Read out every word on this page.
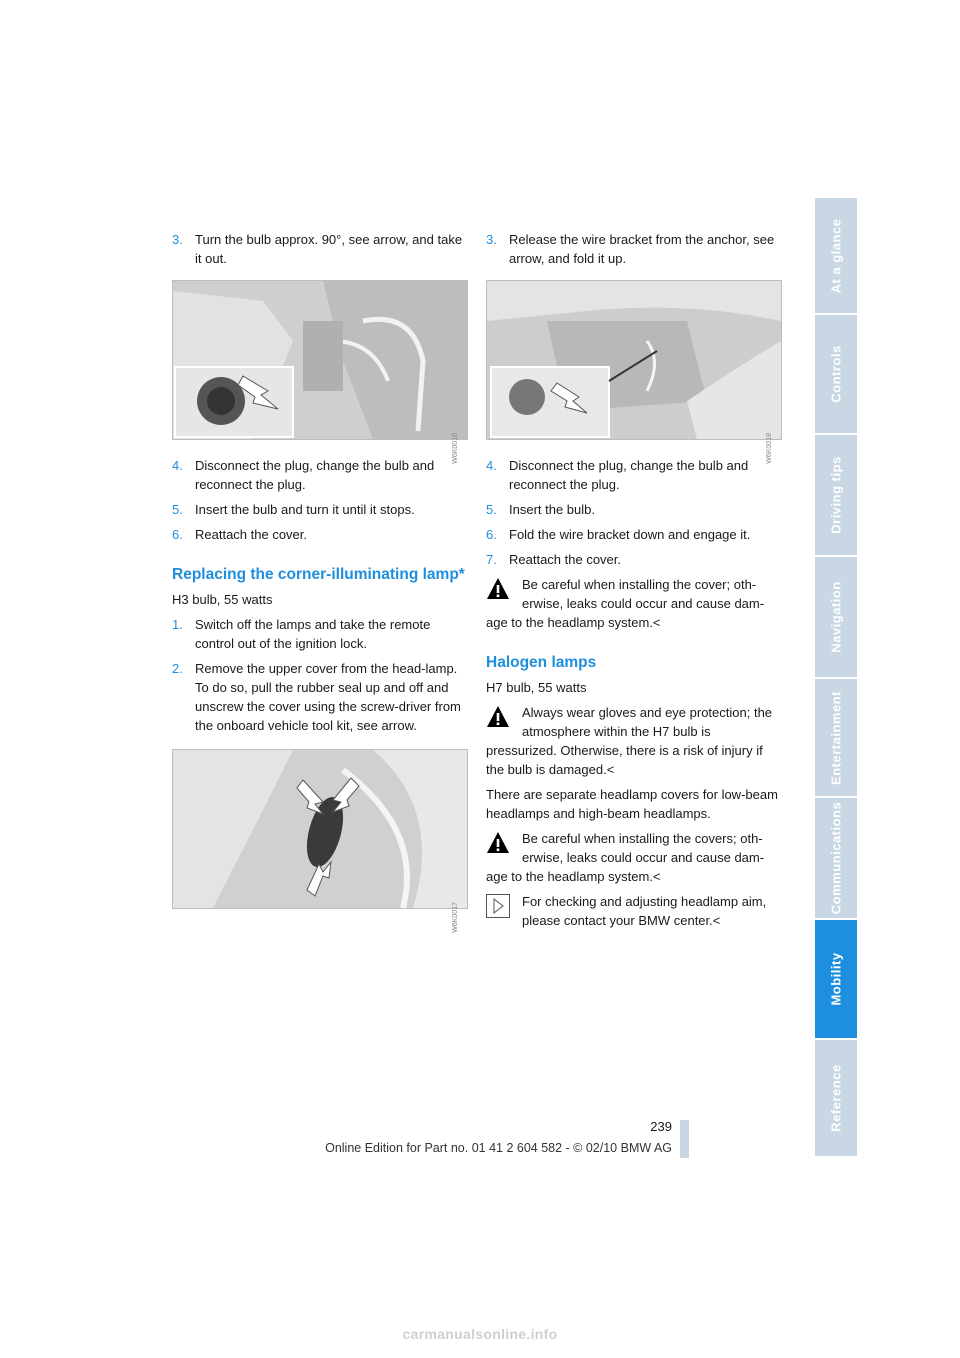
At a glance
Controls
Driving tips
Navigation
Entertainment
Communications
Mobility
Reference
3. Turn the bulb approx. 90°, see arrow, and take it out.
W6K0016
4. Disconnect the plug, change the bulb and reconnect the plug.
5. Insert the bulb and turn it until it stops.
6. Reattach the cover.
Replacing the corner-illuminating lamp*
H3 bulb, 55 watts
1. Switch off the lamps and take the remote control out of the ignition lock.
2. Remove the upper cover from the head-lamp. To do so, pull the rubber seal up and off and unscrew the cover using the screw-driver from the onboard vehicle tool kit, see arrow.
W6K0017
3. Release the wire bracket from the anchor, see arrow, and fold it up.
W6K0018
4. Disconnect the plug, change the bulb and reconnect the plug.
5. Insert the bulb.
6. Fold the wire bracket down and engage it.
7. Reattach the cover.
Be careful when installing the cover; oth-erwise, leaks could occur and cause dam-age to the headlamp system.<
Halogen lamps
H7 bulb, 55 watts
Always wear gloves and eye protection; the atmosphere within the H7 bulb is pressurized. Otherwise, there is a risk of injury if the bulb is damaged.<
There are separate headlamp covers for low-beam headlamps and high-beam headlamps.
Be careful when installing the covers; oth-erwise, leaks could occur and cause dam-age to the headlamp system.<
For checking and adjusting headlamp aim, please contact your BMW center.<
239
Online Edition for Part no. 01 41 2 604 582 - © 02/10 BMW AG
carmanualsonline.info
